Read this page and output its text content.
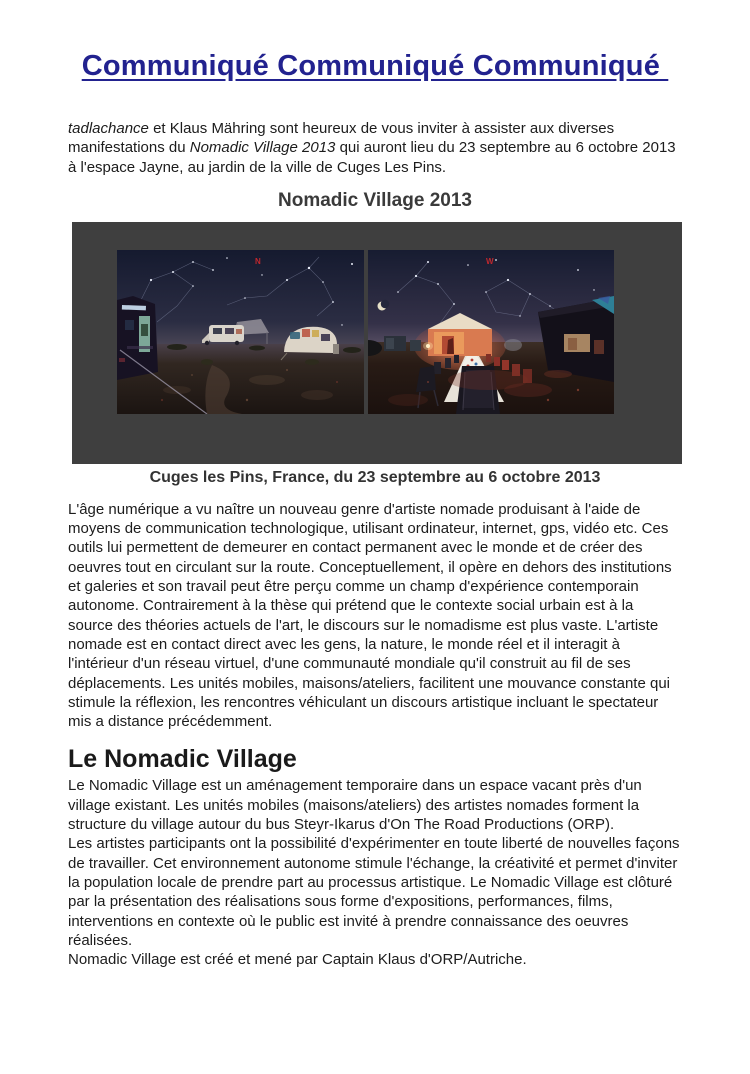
Communiqué Communiqué Communiqué

tadlachance et Klaus Mähring sont heureux de vous inviter à assister aux diverses manifestations du Nomadic Village 2013 qui auront lieu du 23 septembre au 6 octobre 2013 à l'espace Jayne, au jardin de la ville de Cuges Les Pins.

Nomadic Village 2013
N	W

Cuges les Pins, France, du 23 septembre au 6 octobre 2013

L'âge numérique a vu naître un nouveau genre d'artiste nomade produisant à l'aide de moyens de communication technologique, utilisant ordinateur, internet, gps, vidéo etc. Ces outils lui permettent de demeurer en contact permanent avec le monde et de créer des oeuvres tout en circulant sur la route. Conceptuellement, il opère en dehors des institutions et galeries et son travail peut être perçu comme un champ d'expérience contemporain autonome. Contrairement à la thèse qui prétend que le contexte social urbain est à la source des théories actuels de l'art, le discours sur le nomadisme est plus vaste. L'artiste nomade est en contact direct avec les gens, la nature, le monde réel et il interagit à l'intérieur d'un réseau virtuel, d'une communauté mondiale qu'il construit au fil de ses déplacements. Les unités mobiles, maisons/ateliers, facilitent une mouvance constante qui stimule la réflexion, les rencontres véhiculant un discours artistique incluant le spectateur mis a distance précédemment.

Le Nomadic Village
Le Nomadic Village est un aménagement temporaire dans un espace vacant près d'un village existant. Les unités mobiles (maisons/ateliers) des artistes nomades forment la structure du village autour du bus Steyr-Ikarus d'On The Road Productions (ORP).
Les artistes participants ont la possibilité d'expérimenter en toute liberté de nouvelles façons de travailler. Cet environnement autonome stimule l'échange, la créativité et permet d'inviter la population locale de prendre part au processus artistique. Le Nomadic Village est clôturé par la présentation des réalisations sous forme d'expositions, performances, films, interventions en contexte où le public est invité à prendre connaissance des oeuvres réalisées.
Nomadic Village est créé et mené par Captain Klaus d'ORP/Autriche.
